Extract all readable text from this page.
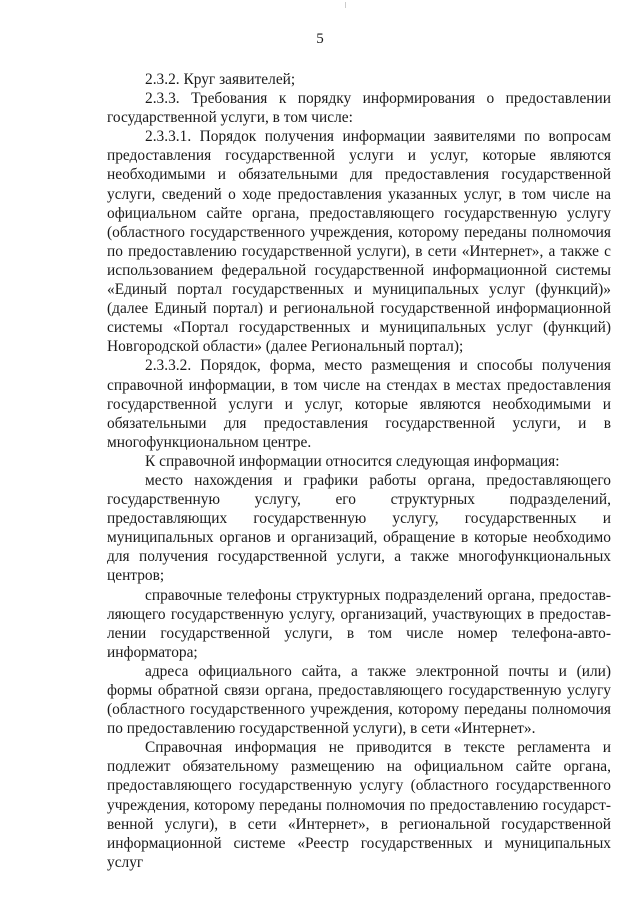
5

2.3.2. Круг заявителей;

2.3.3. Требования к порядку информирования о предоставлении государственной услуги, в том числе:

2.3.3.1. Порядок получения информации заявителями по вопросам предоставления государственной услуги и услуг, которые являются необходимыми и обязательными для предоставления государственной услуги, сведений о ходе предоставления указанных услуг, в том числе на официальном сайте органа, предоставляющего государственную услугу (областного государственного учреждения, которому переданы полномочия по предоставлению государственной услуги), в сети «Интернет», а также с использованием федеральной государственной информационной системы «Единый портал государственных и муниципальных услуг (функций)» (далее Единый портал) и региональной государственной информационной системы «Портал государственных и муниципальных услуг (функций) Новгородской области» (далее Региональный портал);

2.3.3.2. Порядок, форма, место размещения и способы получения справочной информации, в том числе на стендах в местах предоставления государственной услуги и услуг, которые являются необходимыми и обязательными для предоставления государственной услуги, и в многофункциональном центре.

К справочной информации относится следующая информация:

место нахождения и графики работы органа, предоставляющего государственную услугу, его структурных подразделений, предоставляющих государственную услугу, государственных и муниципальных органов и организаций, обращение в которые необходимо для получения государственной услуги, а также многофункциональных центров;

справочные телефоны структурных подразделений органа, предоставляющего государственную услугу, организаций, участвующих в предоставлении государственной услуги, в том числе номер телефона-автоинформатора;

адреса официального сайта, а также электронной почты и (или) формы обратной связи органа, предоставляющего государственную услугу (областного государственного учреждения, которому переданы полномочия по предоставлению государственной услуги), в сети «Интернет».

Справочная информация не приводится в тексте регламента и подлежит обязательному размещению на официальном сайте органа, предоставляющего государственную услугу (областного государственного учреждения, которому переданы полномочия по предоставлению государственной услуги), в сети «Интернет», в региональной государственной информационной системе «Реестр государственных и муниципальных услуг
